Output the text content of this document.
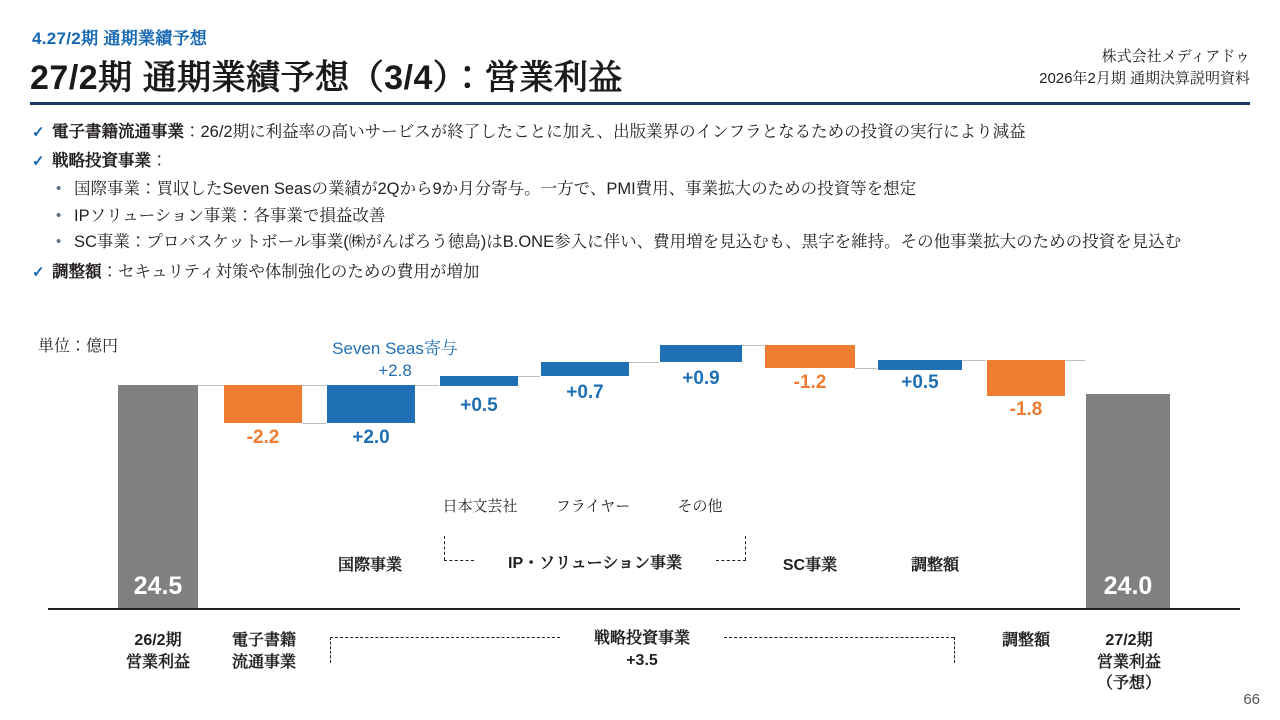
4.27/2期 通期業績予想
27/2期 通期業績予想（3/4）：営業利益
株式会社メディアドゥ
2026年2月期 通期決算説明資料
✓ 電子書籍流通事業：26/2期に利益率の高いサービスが終了したことに加え、出版業界のインフラとなるための投資の実行により減益
✓ 戦略投資事業：
• 国際事業：買収したSeven Seasの業績が2Qから9か月分寄与。一方で、PMI費用、事業拡大のための投資等を想定
• IPソリューション事業：各事業で損益改善
• SC事業：プロバスケットボール事業(㈱がんばろう徳島)はB.ONE参入に伴い、費用増を見込むも、黒字を維持。その他事業拡大のための投資を見込む
✓ 調整額：セキュリティ対策や体制強化のための費用が増加
単位：億円	Seven Seas寄与
+2.8
24.5
-2.2	+2.0
+0.5
+0.7
+0.9	-1.2	+0.5
-1.8
24.0
日本文芸社	フライヤー	その他
国際事業	IP・ソリューション事業	SC事業	調整額
26/2期
営業利益
電子書籍
流通事業
調整額	27/2期
営業利益
（予想）
戦略投資事業
+3.5
66
